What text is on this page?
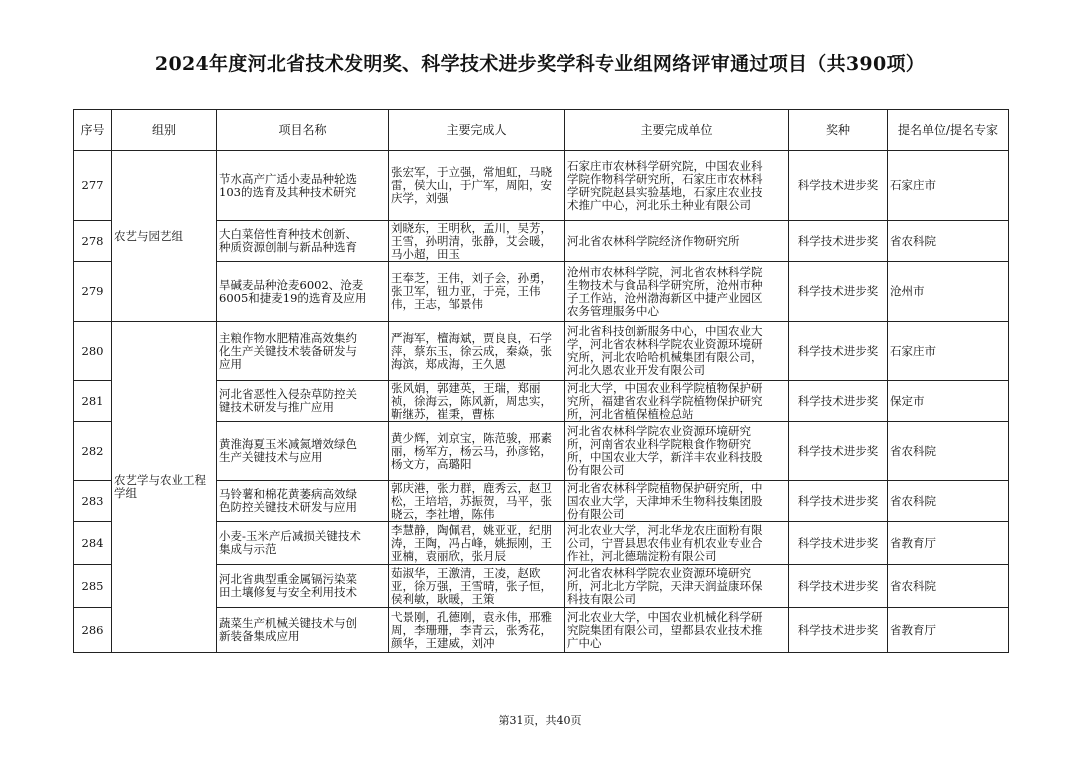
2024年度河北省技术发明奖、科学技术进步奖学科专业组网络评审通过项目（共390项）
序号	组别	项目名称	主要完成人	主要完成单位	奖种	提名单位/提名专家
277	农艺与园艺组	节水高产广适小麦品种轮选
103的选育及其种技术研究	张宏军，于立强，常旭虹，马晓
雷，侯大山，于广军，周阳，安
庆学，刘强	石家庄市农林科学研究院，中国农业科
学院作物科学研究所，石家庄市农林科
学研究院赵县实验基地，石家庄农业技
术推广中心，河北乐土种业有限公司	科学技术进步奖	石家庄市
278		大白菜倍性育种技术创新、
种质资源创制与新品种选育	刘晓东，王明秋，孟川，吴芳，
王雪，孙明清，张静，艾会暖，
马小超，田玉	河北省农林科学院经济作物研究所	科学技术进步奖	省农科院
279		旱碱麦品种沧麦6002、沧麦
6005和捷麦19的选育及应用	王奉芝，王伟，刘子会，孙勇，
张卫军，钮力亚，于亮，王伟
伟，王志，邹景伟	沧州市农林科学院，河北省农林科学院
生物技术与食品科学研究所，沧州市种
子工作站，沧州渤海新区中捷产业园区
农务管理服务中心	科学技术进步奖	沧州市
280	农艺学与农业工程学组	主粮作物水肥精准高效集约
化生产关键技术装备研发与
应用	严海军，檀海斌，贾良良，石学
萍，蔡东玉，徐云成，秦焱，张
海滨，郑成海，王久恩	河北省科技创新服务中心，中国农业大
学，河北省农林科学院农业资源环境研
究所，河北农哈哈机械集团有限公司，
河北久恩农业开发有限公司	科学技术进步奖	石家庄市
281		河北省恶性入侵杂草防控关
键技术研发与推广应用	张风娟，郭建英，王瑞，郑丽
祯，徐海云，陈风新，周忠实，
靳继苏，崔秉，曹栋	河北大学，中国农业科学院植物保护研
究所，福建省农业科学院植物保护研究
所，河北省植保植检总站	科学技术进步奖	保定市
282		黄淮海夏玉米减氮增效绿色
生产关键技术与应用	黄少辉，刘京宝，陈范骏，邢素
丽，杨军方，杨云马，孙彦铭，
杨文方，高璐阳	河北省农林科学院农业资源环境研究
所，河南省农业科学院粮食作物研究
所，中国农业大学，新洋丰农业科技股
份有限公司	科学技术进步奖	省农科院
283		马铃薯和棉花黄萎病高效绿
色防控关键技术研发与应用	郭庆港，张力群，鹿秀云，赵卫
松，王培培，苏振贺，马平，张
晓云，李社增，陈伟	河北省农林科学院植物保护研究所，中
国农业大学，天津坤禾生物科技集团股
份有限公司	科学技术进步奖	省农科院
284		小麦-玉米产后减损关键技术
集成与示范	李慧静，陶佩君，姚亚亚，纪朋
涛，王陶，冯占峰，姚振刚，王
亚楠，袁丽欣，张月辰	河北农业大学，河北华龙农庄面粉有限
公司，宁晋县思农伟业有机农业专业合
作社，河北德瑞淀粉有限公司	科学技术进步奖	省教育厅
285		河北省典型重金属镉污染菜
田土壤修复与安全利用技术	茹淑华，王激清，王凌，赵欧
亚，徐万强，王雪晴，张子恒，
侯利敏，耿暖，王策	河北省农林科学院农业资源环境研究
所，河北北方学院，天津天润益康环保
科技有限公司	科学技术进步奖	省农科院
286		蔬菜生产机械关键技术与创
新装备集成应用	弋景刚，孔德刚，袁永伟，邢雅
周，李珊珊，李青云，张秀花，
颜华，王建威，刘冲	河北农业大学，中国农业机械化科学研
究院集团有限公司，望都县农业技术推
广中心	科学技术进步奖	省教育厅
第31页，共40页
